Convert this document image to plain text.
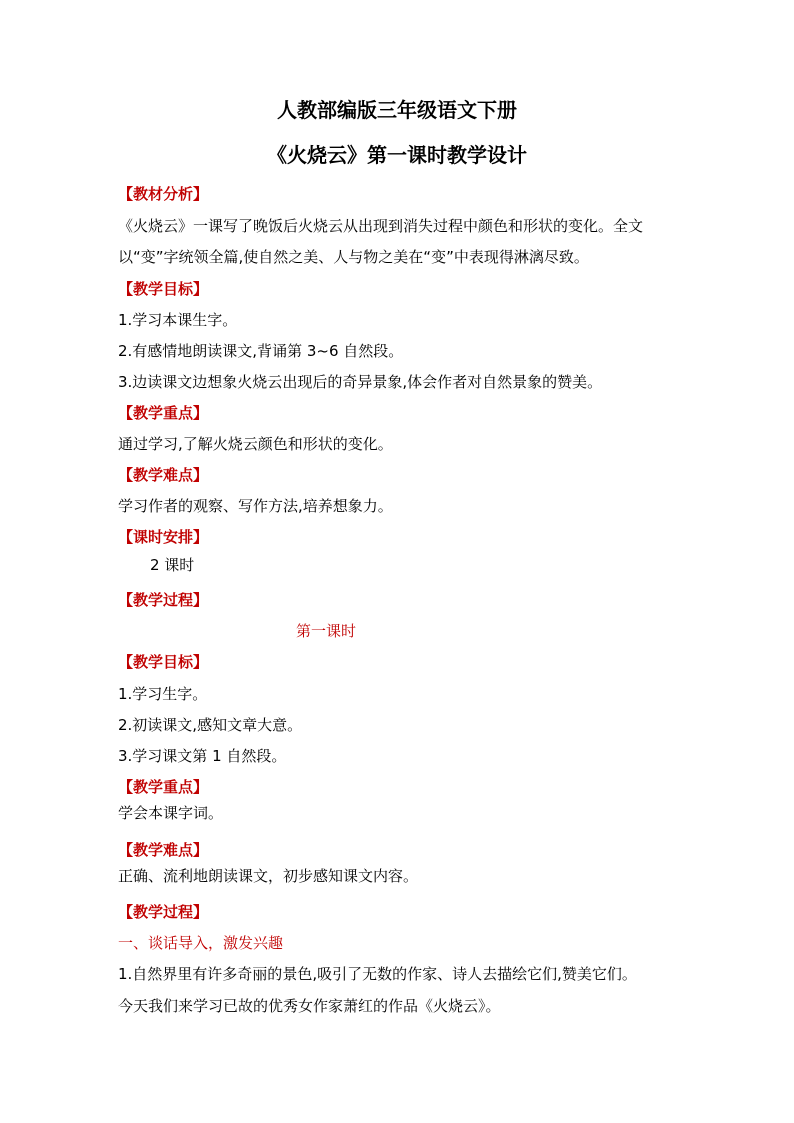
人教部编版三年级语文下册
《火烧云》第一课时教学设计
【教材分析】
《火烧云》一课写了晚饭后火烧云从出现到消失过程中颜色和形状的变化。全文
以“变”字统领全篇,使自然之美、人与物之美在“变”中表现得淋漓尽致。
【教学目标】
1.学习本课生字。
2.有感情地朗读课文,背诵第 3~6 自然段。
3.边读课文边想象火烧云出现后的奇异景象,体会作者对自然景象的赞美。
【教学重点】
通过学习,了解火烧云颜色和形状的变化。
【教学难点】
学习作者的观察、写作方法,培养想象力。
【课时安排】
2 课时
【教学过程】
第一课时
【教学目标】
1.学习生字。
2.初读课文,感知文章大意。
3.学习课文第 1 自然段。
【教学重点】
学会本课字词。
【教学难点】
正确、流利地朗读课文，初步感知课文内容。
【教学过程】
一、谈话导入，激发兴趣
1.自然界里有许多奇丽的景色,吸引了无数的作家、诗人去描绘它们,赞美它们。
今天我们来学习已故的优秀女作家萧红的作品《火烧云》。
